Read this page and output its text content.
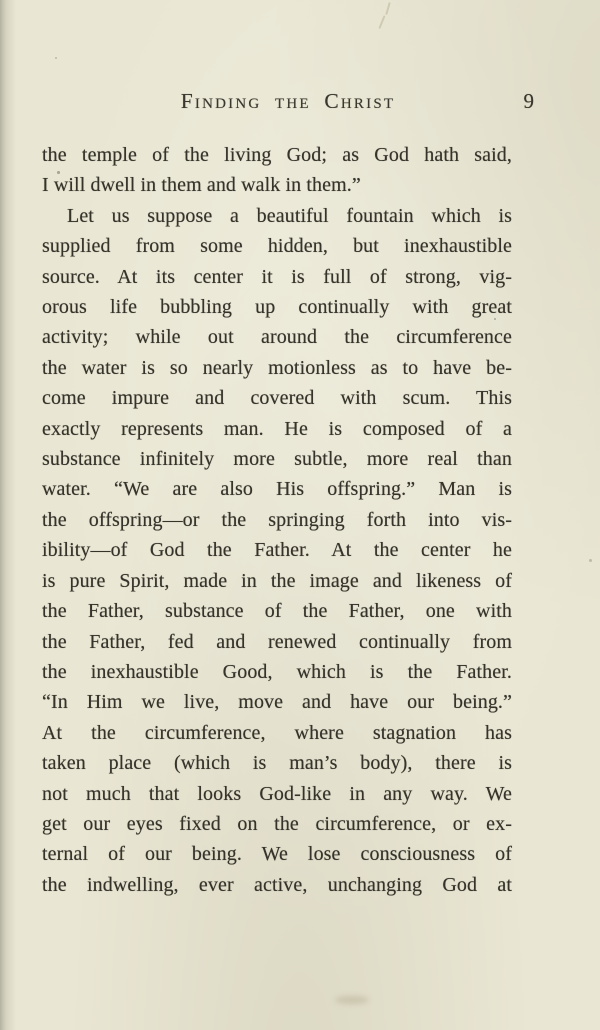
Finding the Christ	9
the temple of the living God; as God hath said,
I will dwell in them and walk in them.”
Let us suppose a beautiful fountain which is
supplied from some hidden, but inexhaustible
source. At its center it is full of strong, vig-
orous life bubbling up continually with great
activity; while out around the circumference
the water is so nearly motionless as to have be-
come impure and covered with scum. This
exactly represents man. He is composed of a
substance infinitely more subtle, more real than
water. “We are also His offspring.” Man is
the offspring—or the springing forth into vis-
ibility—of God the Father. At the center he
is pure Spirit, made in the image and likeness of
the Father, substance of the Father, one with
the Father, fed and renewed continually from
the inexhaustible Good, which is the Father.
“In Him we live, move and have our being.”
At the circumference, where stagnation has
taken place (which is man’s body), there is
not much that looks God-like in any way. We
get our eyes fixed on the circumference, or ex-
ternal of our being. We lose consciousness of
the indwelling, ever active, unchanging God at
